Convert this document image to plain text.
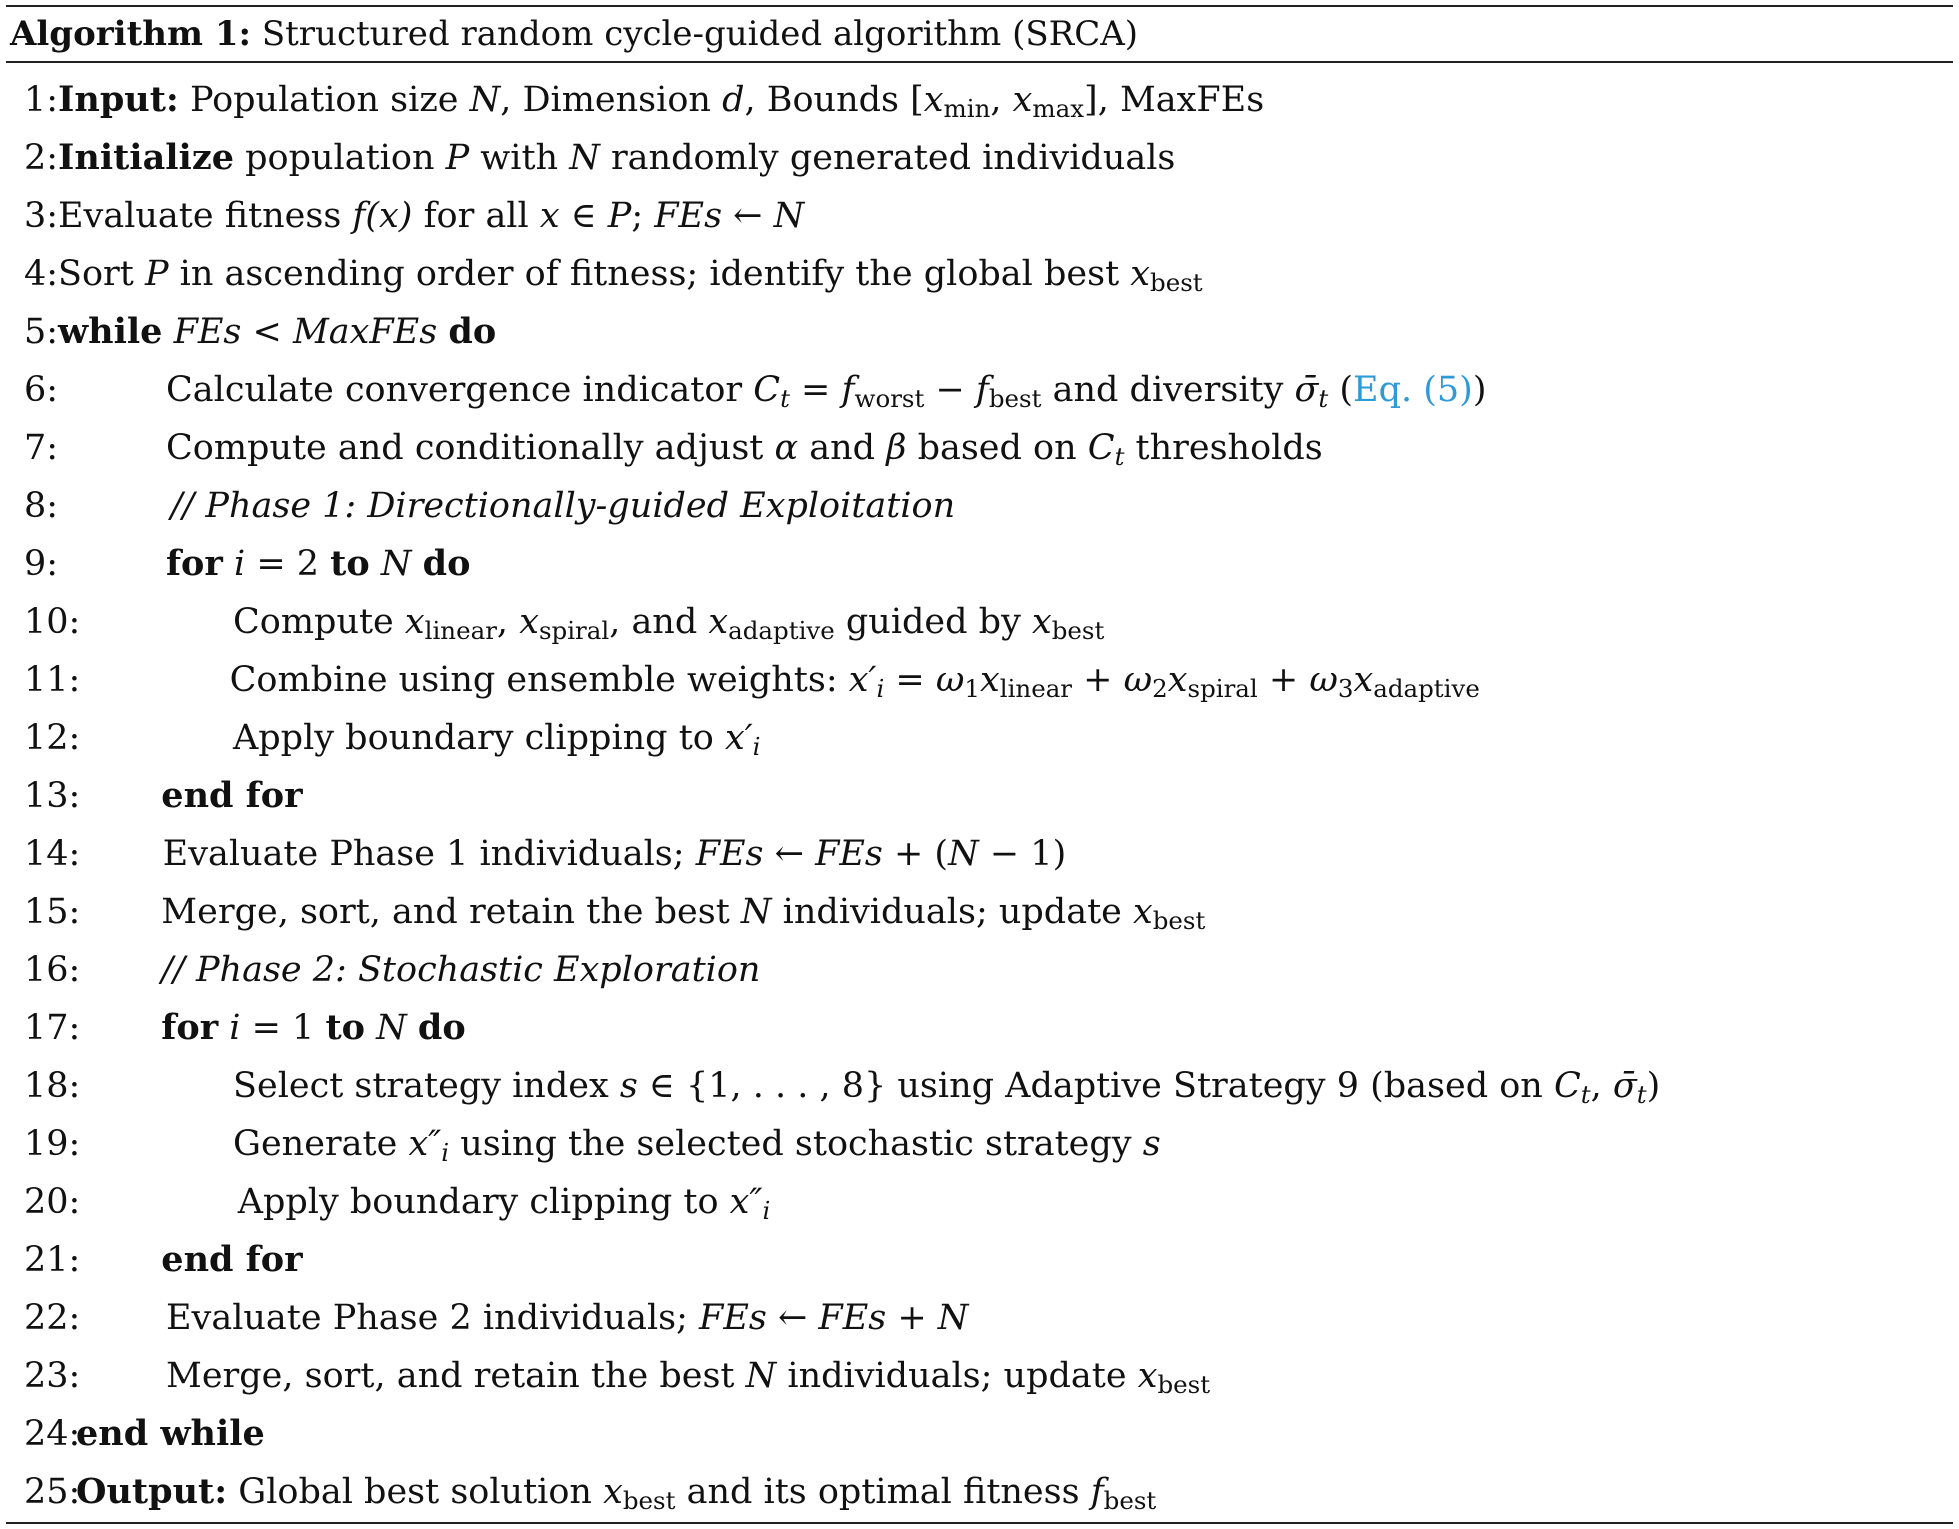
Algorithm 1: Structured random cycle-guided algorithm (SRCA)
1: Input: Population size N, Dimension d, Bounds [$x_{min}$, $x_{max}$], MaxFEs
2: Initialize population P with N randomly generated individuals
3: Evaluate fitness f(x) for all x ∈ P; FEs ← N
4: Sort P in ascending order of fitness; identify the global best $x_{best}$
5: while FEs < MaxFEs do
6:	Calculate convergence indicator $C_t = f_{worst} - f_{best}$ and diversity $\sigmā_t$ (Eq. (5))
7:	Compute and conditionally adjust α and β based on $C_t$ thresholds
8:	// Phase 1: Directionally-guided Exploitation
9:	for i = 2 to N do
10:	Compute $x_{linear}$, $x_{spiral}$, and $x_{adaptive}$ guided by $x_{best}$
11:	Combine using ensemble weights: $x'_i = \omega_1x_{linear} + \omega_2x_{spiral} + \omega_3x_{adaptive}$
12:	Apply boundary clipping to $x'_i$
13: end for
14: Evaluate Phase 1 individuals; FEs ← FEs + (N − 1)
15: Merge, sort, and retain the best N individuals; update $x_{best}$
16: // Phase 2: Stochastic Exploration
17: for i = 1 to N do
18:	Select strategy index s ∈ {1, . . . , 8} using Adaptive Strategy 9 (based on $C_t$, $\sigmā_t$)
19:	Generate $x''_i$ using the selected stochastic strategy s
20:	Apply boundary clipping to $x''_i$
21: end for
22: Evaluate Phase 2 individuals; FEs ← FEs + N
23: Merge, sort, and retain the best N individuals; update $x_{best}$
24:
end while
25:
Output: Global best solution $x_{best}$ and its optimal fitness $f_{best}$
